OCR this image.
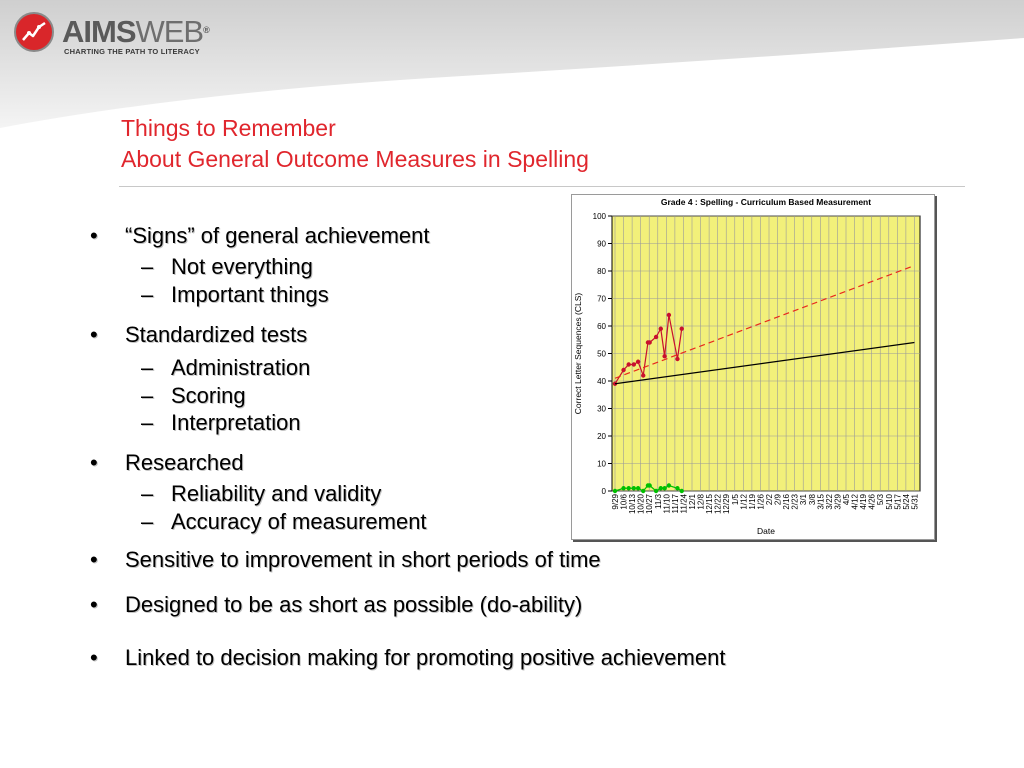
AIMSWEB®
CHARTING THE PATH TO LITERACY
Things to Remember
About General Outcome Measures in Spelling
• “Signs” of general achievement
– Not everything
– Important things
• Standardized tests
– Administration
– Scoring
– Interpretation
• Researched
– Reliability and validity
– Accuracy of measurement
• Sensitive to improvement in short periods of time
• Designed to be as short as possible (do-ability)
• Linked to decision making for promoting positive achievement
0
10
20
30
40
50
60
70
80
90
100
9/29 10/6 10/13 10/20 10/27 11/3 11/10 11/17 11/24 12/1 12/8 12/15 12/22 12/29 1/5 1/12 1/19 1/26 2/2 2/9 2/16 2/23 3/1 3/8 3/15 3/22 3/29 4/5 4/12 4/19 4/26 5/3 5/10 5/17 5/24 5/31
Grade 4 : Spelling - Curriculum Based Measurement
Date
Correct Letter Sequences (CLS)
